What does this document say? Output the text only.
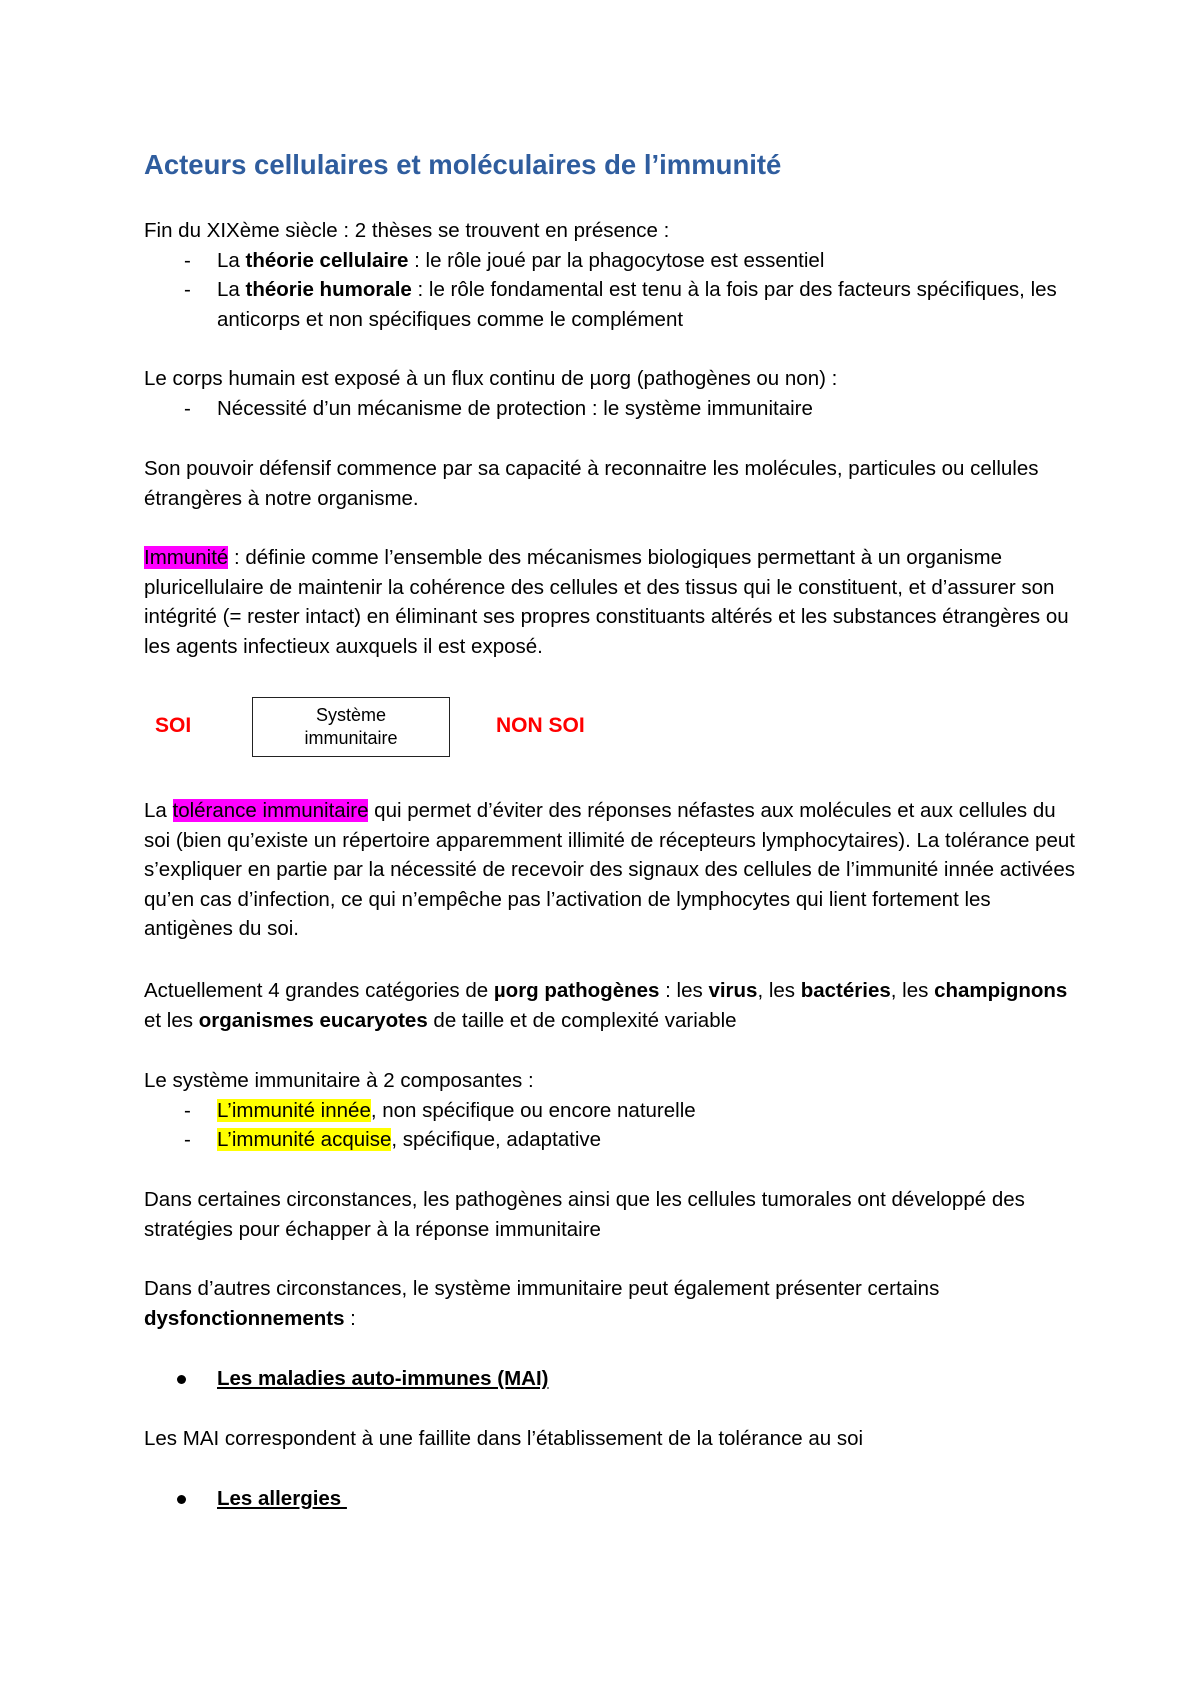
Acteurs cellulaires et moléculaires de l’immunité
Fin du XIXème siècle : 2 thèses se trouvent en présence :
- La théorie cellulaire : le rôle joué par la phagocytose est essentiel
- La théorie humorale : le rôle fondamental est tenu à la fois par des facteurs spécifiques, les anticorps et non spécifiques comme le complément
Le corps humain est exposé à un flux continu de µorg (pathogènes ou non) :
- Nécessité d’un mécanisme de protection : le système immunitaire

Son pouvoir défensif commence par sa capacité à reconnaitre les molécules, particules ou cellules étrangères à notre organisme.

Immunité : définie comme l’ensemble des mécanismes biologiques permettant à un organisme pluricellulaire de maintenir la cohérence des cellules et des tissus qui le constituent, et d’assurer son intégrité (= rester intact) en éliminant ses propres constituants altérés et les substances étrangères ou les agents infectieux auxquels il est exposé.

SOI	Système immunitaire
NON SOI

La tolérance immunitaire qui permet d’éviter des réponses néfastes aux molécules et aux cellules du soi (bien qu’existe un répertoire apparemment illimité de récepteurs lymphocytaires). La tolérance peut s’expliquer en partie par la nécessité de recevoir des signaux des cellules de l’immunité innée activées qu’en cas d’infection, ce qui n’empêche pas l’activation de lymphocytes qui lient fortement les antigènes du soi.

Actuellement 4 grandes catégories de µorg pathogènes : les virus, les bactéries, les champignons et les organismes eucaryotes de taille et de complexité variable

Le système immunitaire à 2 composantes :
- L’immunité innée, non spécifique ou encore naturelle
- L’immunité acquise, spécifique, adaptative

Dans certaines circonstances, les pathogènes ainsi que les cellules tumorales ont développé des stratégies pour échapper à la réponse immunitaire

Dans d’autres circonstances, le système immunitaire peut également présenter certains dysfonctionnements :

Les maladies auto-immunes (MAI)

Les MAI correspondent à une faillite dans l’établissement de la tolérance au soi

Les allergies
